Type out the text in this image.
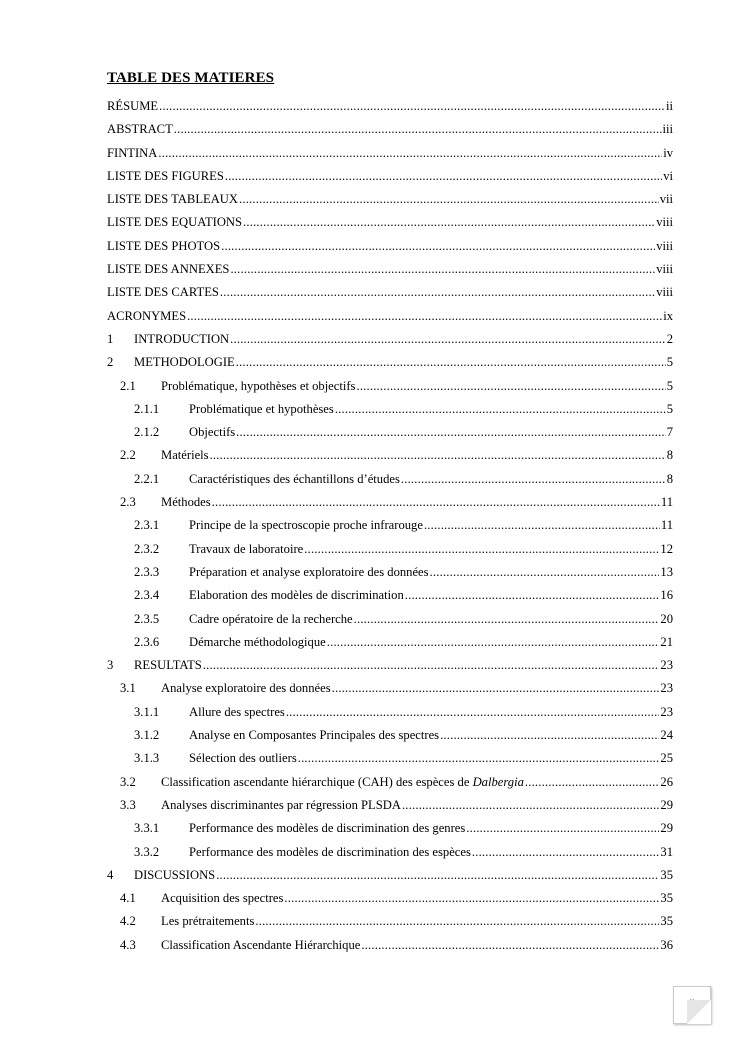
TABLE DES MATIERES
RÉSUME .....	ii
ABSTRACT .....	iii
FINTINA .....	iv
LISTE DES FIGURES .....	vi
LISTE DES TABLEAUX .....	vii
LISTE DES EQUATIONS .....	viii
LISTE DES PHOTOS .....	viii
LISTE DES ANNEXES .....	viii
LISTE DES CARTES .....	viii
ACRONYMES .....	ix
1	INTRODUCTION .....	2
2	METHODOLOGIE .....	5
2.1	Problématique, hypothèses et objectifs .....	5
2.1.1	Problématique et hypothèses .....	5
2.1.2	Objectifs .....	7
2.2	Matériels .....	8
2.2.1	Caractéristiques des échantillons d’études .....	8
2.3	Méthodes .....	11
2.3.1	Principe de la spectroscopie proche infrarouge .....	11
2.3.2	Travaux de laboratoire .....	12
2.3.3	Préparation et analyse exploratoire des données .....	13
2.3.4	Elaboration des modèles de discrimination .....	16
2.3.5	Cadre opératoire de la recherche .....	20
2.3.6	Démarche méthodologique .....	21
3	RESULTATS .....	23
3.1	Analyse exploratoire des données .....	23
3.1.1	Allure des spectres .....	23
3.1.2	Analyse en Composantes Principales des spectres .....	24
3.1.3	Sélection des outliers .....	25
3.2	Classification ascendante hiérarchique (CAH) des espèces de Dalbergia .....	26
3.3	Analyses discriminantes par régression PLSDA .....	29
3.3.1	Performance des modèles de discrimination des genres .....	29
3.3.2	Performance des modèles de discrimination des espèces .....	31
4	DISCUSSIONS .....	35
4.1	Acquisition des spectres .....	35
4.2	Les prétraitements .....	35
4.3	Classification Ascendante Hiérarchique .....	36
v
